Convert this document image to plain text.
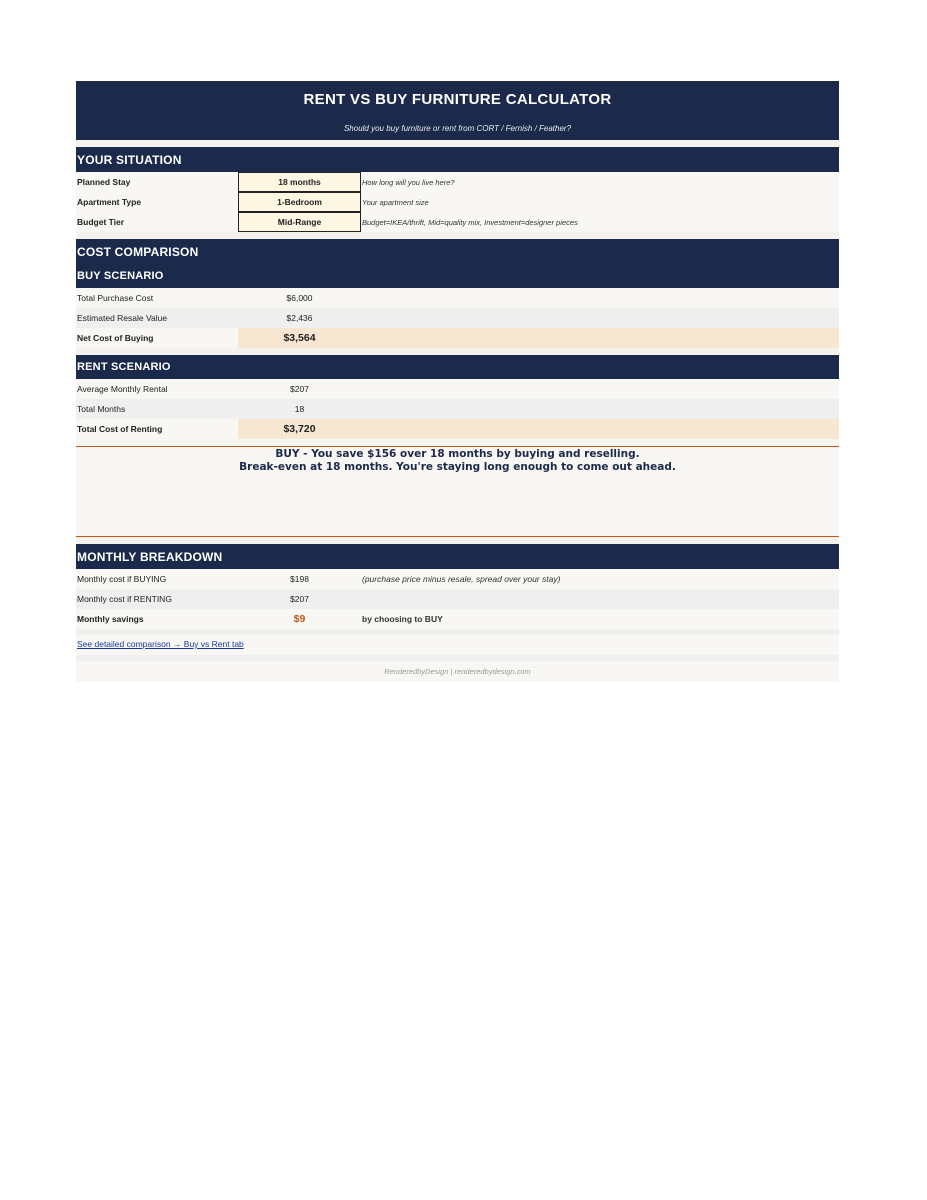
RENT VS BUY FURNITURE CALCULATOR
Should you buy furniture or rent from CORT / Fernish / Feather?
YOUR SITUATION
Planned Stay	18 months	How long will you live here?
Apartment Type	1-Bedroom	Your apartment size
Budget Tier	Mid-Range	Budget=IKEA/thrift, Mid=quality mix, Investment=designer pieces
COST COMPARISON
BUY SCENARIO
Total Purchase Cost	$6,000
Estimated Resale Value	$2,436
Net Cost of Buying	$3,564
RENT SCENARIO
Average Monthly Rental	$207
Total Months	18
Total Cost of Renting	$3,720
BUY - You save $156 over 18 months by buying and reselling.
Break-even at 18 months. You're staying long enough to come out ahead.
MONTHLY BREAKDOWN
Monthly cost if BUYING	$198	(purchase price minus resale, spread over your stay)
Monthly cost if RENTING	$207
Monthly savings	$9	by choosing to BUY
See detailed comparison → Buy vs Rent tab
RenderedbyDesign | renderedbydesign.com
